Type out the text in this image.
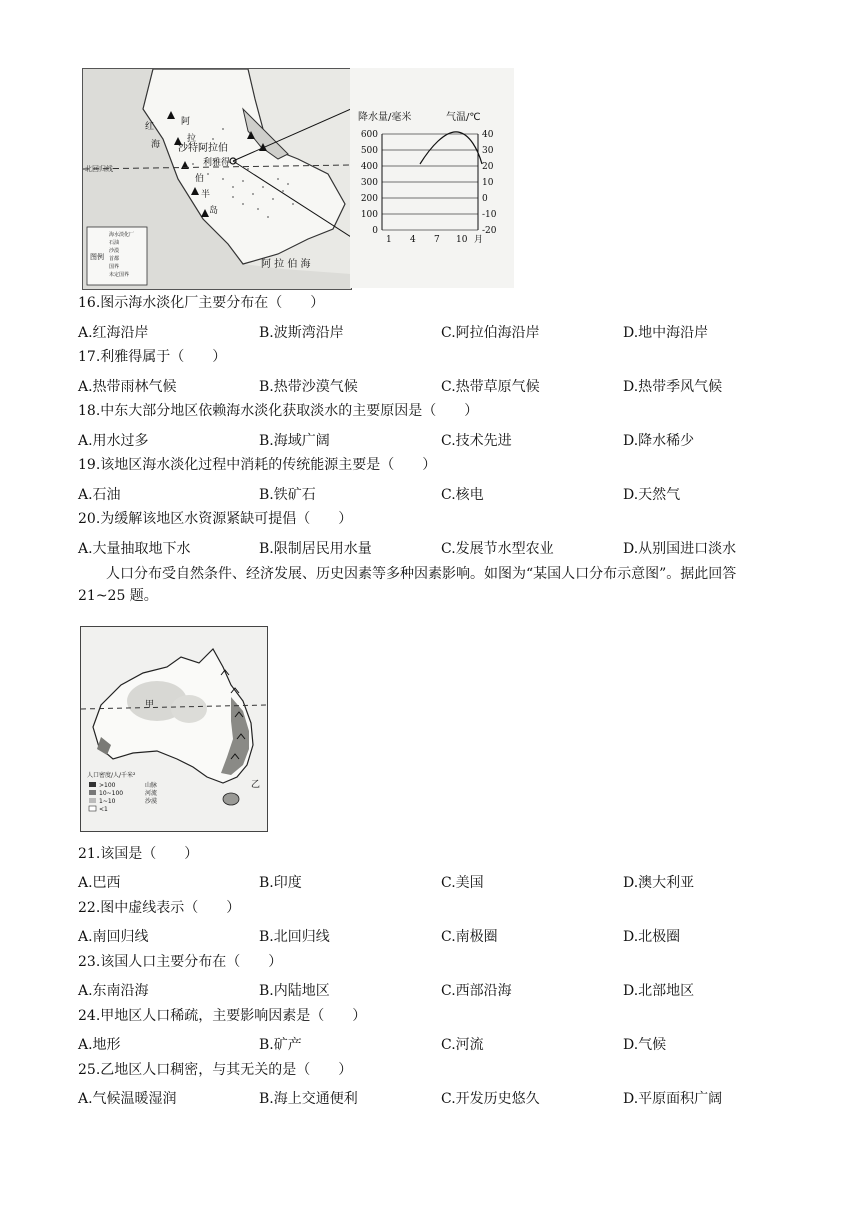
沙特阿拉伯
利雅得
北回归线
阿 拉 伯 海
红
海
阿
拉
伯
半
岛
图例
海水淡化厂
石油
沙漠
首都
国界
未定国界
降水量/毫米	气温/℃
600
500
400
300
200
100
0
40
30
20
10
0
-10
-20
1 4 7 10 月
16.图示海水淡化厂主要分布在（　　）
A.红海沿岸	B.波斯湾沿岸	C.阿拉伯海沿岸	D.地中海沿岸
17.利雅得属于（　　）
A.热带雨林气候	B.热带沙漠气候	C.热带草原气候	D.热带季风气候
18.中东大部分地区依赖海水淡化获取淡水的主要原因是（　　）
A.用水过多	B.海域广阔	C.技术先进	D.降水稀少
19.该地区海水淡化过程中消耗的传统能源主要是（　　）
A.石油	B.铁矿石	C.核电	D.天然气
20.为缓解该地区水资源紧缺可提倡（　　）
A.大量抽取地下水	B.限制居民用水量	C.发展节水型农业	D.从别国进口淡水
人口分布受自然条件、经济发展、历史因素等多种因素影响。如图为“某国人口分布示意图”。据此回答
21~25 题。
甲
乙
人口密度/人/千米²
>100
10~100
1~10
<1
山脉
河流
沙漠
21.该国是（　　）
A.巴西	B.印度	C.美国	D.澳大利亚
22.图中虚线表示（　　）
A.南回归线	B.北回归线	C.南极圈	D.北极圈
23.该国人口主要分布在（　　）
A.东南沿海	B.内陆地区	C.西部沿海	D.北部地区
24.甲地区人口稀疏，主要影响因素是（　　）
A.地形	B.矿产	C.河流	D.气候
25.乙地区人口稠密，与其无关的是（　　）
A.气候温暖湿润	B.海上交通便利	C.开发历史悠久	D.平原面积广阔
